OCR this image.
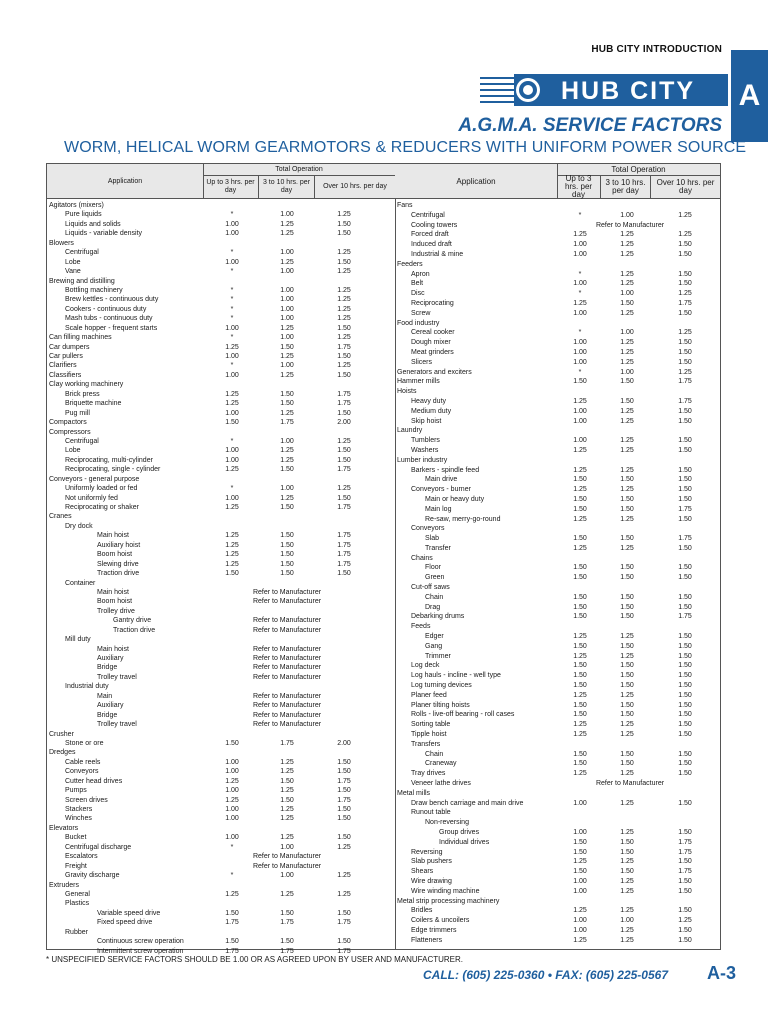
HUB CITY INTRODUCTION
HUB CITY A
A.G.M.A. SERVICE FACTORS
WORM, HELICAL WORM GEARMOTORS & REDUCERS WITH UNIFORM POWER SOURCE
Application
Total Operation
Up to 3 hrs. per day
3 to 10 hrs. per day
Over 10 hrs. per day
Agitators (mixers)
Pure liquids	*	1.00	1.25
Liquids and solids	1.00	1.25	1.50
Liquids - variable density	1.00	1.25	1.50
Blowers
Centrifugal	*	1.00	1.25
Lobe	1.00	1.25	1.50
Vane	*	1.00	1.25
Brewing and distilling
Bottling machinery	*	1.00	1.25
Brew kettles - continuous duty	*	1.00	1.25
Cookers - continuous duty	*	1.00	1.25
Mash tubs - continuous duty	*	1.00	1.25
Scale hopper - frequent starts	1.00	1.25	1.50
Can filling machines	*	1.00	1.25
Car dumpers	1.25	1.50	1.75
Car pullers	1.00	1.25	1.50
Clarifiers	*	1.00	1.25
Classifiers	1.00	1.25	1.50
Clay working machinery
Brick press	1.25	1.50	1.75
Briquette machine	1.25	1.50	1.75
Pug mill	1.00	1.25	1.50
Compactors	1.50	1.75	2.00
Compressors
Centrifugal	*	1.00	1.25
Lobe	1.00	1.25	1.50
Reciprocating, multi-cylinder	1.00	1.25	1.50
Reciprocating, single - cylinder	1.25	1.50	1.75
Conveyors - general purpose
Uniformly loaded or fed	*	1.00	1.25
Not uniformly fed	1.00	1.25	1.50
Reciprocating or shaker	1.25	1.50	1.75
Cranes
Dry dock
Main hoist	1.25	1.50	1.75
Auxiliary hoist	1.25	1.50	1.75
Boom hoist	1.25	1.50	1.75
Slewing drive	1.25	1.50	1.75
Traction drive	1.50	1.50	1.50
Container
Main hoist	Refer to Manufacturer
Boom hoist	Refer to Manufacturer
Trolley drive
Gantry drive	Refer to Manufacturer
Traction drive	Refer to Manufacturer
Mill duty
Main hoist	Refer to Manufacturer
Auxiliary	Refer to Manufacturer
Bridge	Refer to Manufacturer
Trolley travel	Refer to Manufacturer
Industrial duty
Main	Refer to Manufacturer
Auxiliary	Refer to Manufacturer
Bridge	Refer to Manufacturer
Trolley travel	Refer to Manufacturer
Crusher
Stone or ore	1.50	1.75	2.00
Dredges
Cable reels	1.00	1.25	1.50
Conveyors	1.00	1.25	1.50
Cutter head drives	1.25	1.50	1.75
Pumps	1.00	1.25	1.50
Screen drives	1.25	1.50	1.75
Stackers	1.00	1.25	1.50
Winches	1.00	1.25	1.50
Elevators
Bucket	1.00	1.25	1.50
Centrifugal discharge	*	1.00	1.25
Escalators	Refer to Manufacturer
Freight	Refer to Manufacturer
Gravity discharge	*	1.00	1.25
Extruders
General	1.25	1.25	1.25
Plastics
Variable speed drive	1.50	1.50	1.50
Fixed speed drive	1.75	1.75	1.75
Rubber
Continuous screw operation	1.50	1.50	1.50
Intermittent screw operation	1.75	1.75	1.75
Application
Total Operation
Up to 3 hrs. per day
3 to 10 hrs. per day
Over 10 hrs. per day
Fans
Centrifugal	*	1.00	1.25
Cooling towers	Refer to Manufacturer
Forced draft	1.25	1.25	1.25
Induced draft	1.00	1.25	1.50
Industrial & mine	1.00	1.25	1.50
Feeders
Apron	*	1.25	1.50
Belt	1.00	1.25	1.50
Disc	*	1.00	1.25
Reciprocating	1.25	1.50	1.75
Screw	1.00	1.25	1.50
Food industry
Cereal cooker	*	1.00	1.25
Dough mixer	1.00	1.25	1.50
Meat grinders	1.00	1.25	1.50
Slicers	1.00	1.25	1.50
Generators and exciters	*	1.00	1.25
Hammer mills	1.50	1.50	1.75
Hoists
Heavy duty	1.25	1.50	1.75
Medium duty	1.00	1.25	1.50
Skip hoist	1.00	1.25	1.50
Laundry
Tumblers	1.00	1.25	1.50
Washers	1.25	1.25	1.50
Lumber industry
Barkers - spindle feed	1.25	1.25	1.50
Main drive	1.50	1.50	1.50
Conveyors - burner	1.25	1.25	1.50
Main or heavy duty	1.50	1.50	1.50
Main log	1.50	1.50	1.75
Re-saw, merry-go-round	1.25	1.25	1.50
Conveyors
Slab	1.50	1.50	1.75
Transfer	1.25	1.25	1.50
Chains
Floor	1.50	1.50	1.50
Green	1.50	1.50	1.50
Cut-off saws
Chain	1.50	1.50	1.50
Drag	1.50	1.50	1.50
Debarking drums	1.50	1.50	1.75
Feeds
Edger	1.25	1.25	1.50
Gang	1.50	1.50	1.50
Trimmer	1.25	1.25	1.50
Log deck	1.50	1.50	1.50
Log hauls - incline - well type	1.50	1.50	1.50
Log turning devices	1.50	1.50	1.50
Planer feed	1.25	1.25	1.50
Planer tilting hoists	1.50	1.50	1.50
Rolls - live-off bearing - roll cases	1.50	1.50	1.50
Sorting table	1.25	1.25	1.50
Tipple hoist	1.25	1.25	1.50
Transfers
Chain	1.50	1.50	1.50
Craneway	1.50	1.50	1.50
Tray drives	1.25	1.25	1.50
Veneer lathe drives	Refer to Manufacturer
Metal mills
Draw bench carriage and main drive	1.00	1.25	1.50
Runout table
Non-reversing
Group drives	1.00	1.25	1.50
Individual drives	1.50	1.50	1.75
Reversing	1.50	1.50	1.75
Slab pushers	1.25	1.25	1.50
Shears	1.50	1.50	1.75
Wire drawing	1.00	1.25	1.50
Wire winding machine	1.00	1.25	1.50
Metal strip processing machinery
Bridles	1.25	1.25	1.50
Coilers & uncoilers	1.00	1.00	1.25
Edge trimmers	1.00	1.25	1.50
Flatteners	1.25	1.25	1.50
* UNSPECIFIED SERVICE FACTORS SHOULD BE 1.00 OR AS AGREED UPON BY USER AND MANUFACTURER.
CALL: (605) 225-0360 • FAX: (605) 225-0567 A-3
